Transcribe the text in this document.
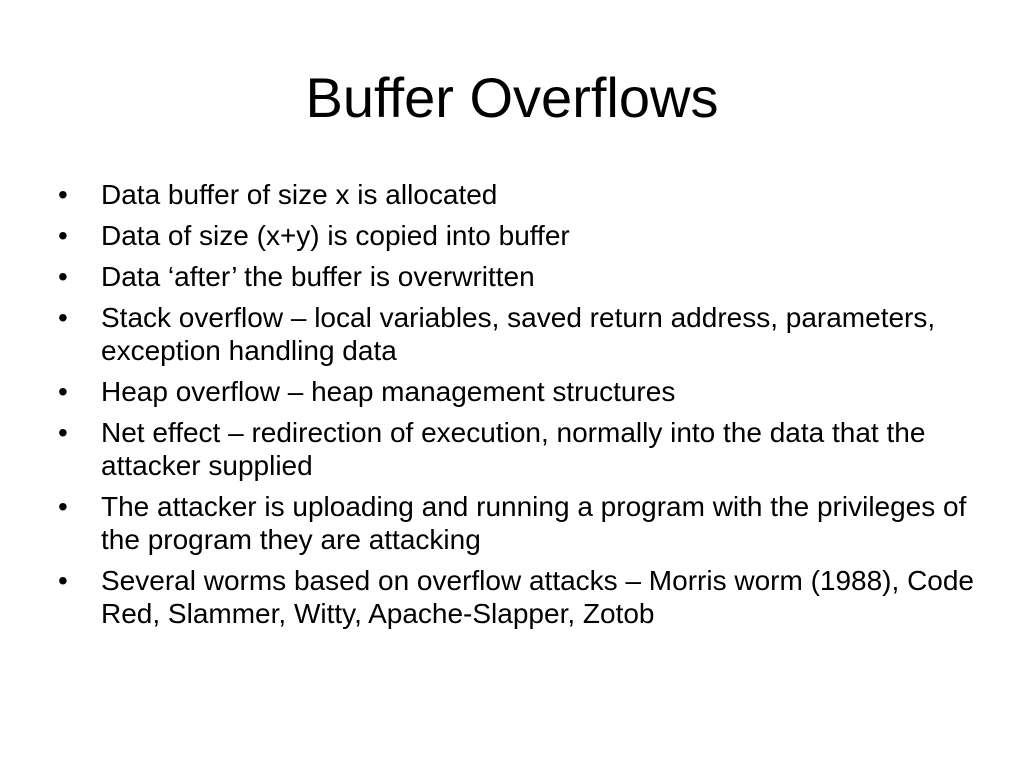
Buffer Overflows
•	Data buffer of size x is allocated
•	Data of size (x+y) is copied into buffer
•	Data ‘after’ the buffer is overwritten
•	Stack overflow – local variables, saved return address, parameters, exception handling data
•	Heap overflow – heap management structures
•	Net effect – redirection of execution, normally into the data that the attacker supplied
•	The attacker is uploading and running a program with the privileges of the program they are attacking
•	Several worms based on overflow attacks – Morris worm (1988), Code Red, Slammer, Witty, Apache-Slapper, Zotob
